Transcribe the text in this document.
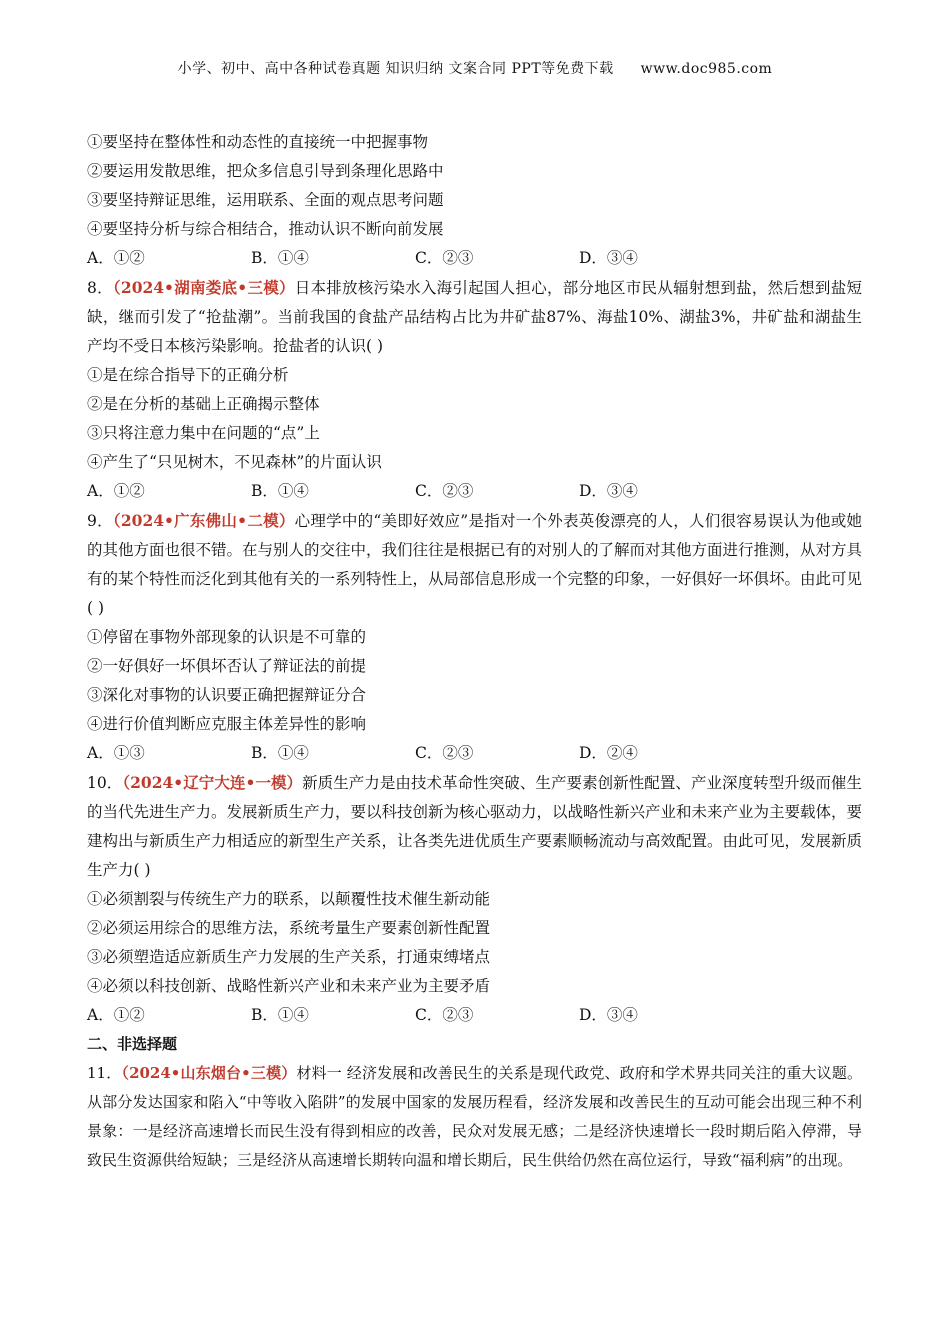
小学、初中、高中各种试卷真题 知识归纳 文案合同 PPT等免费下载 www.doc985.com
①要坚持在整体性和动态性的直接统一中把握事物
②要运用发散思维，把众多信息引导到条理化思路中
③要坚持辩证思维，运用联系、全面的观点思考问题
④要坚持分析与综合相结合，推动认识不断向前发展
A．①②	B．①④	C．②③	D．③④
8．（2024•湖南娄底•三模）日本排放核污染水入海引起国人担心，部分地区市民从辐射想到盐，然后想到盐短缺，继而引发了“抢盐潮”。当前我国的食盐产品结构占比为井矿盐87%、海盐10%、湖盐3%，井矿盐和湖盐生产均不受日本核污染影响。抢盐者的认识( )
①是在综合指导下的正确分析
②是在分析的基础上正确揭示整体
③只将注意力集中在问题的“点”上
④产生了“只见树木，不见森林”的片面认识
A．①②	B．①④	C．②③	D．③④
9．（2024•广东佛山•二模）心理学中的“美即好效应”是指对一个外表英俊漂亮的人，人们很容易误认为他或她的其他方面也很不错。在与别人的交往中，我们往往是根据已有的对别人的了解而对其他方面进行推测，从对方具有的某个特性而泛化到其他有关的一系列特性上，从局部信息形成一个完整的印象，一好俱好一坏俱坏。由此可见( )
①停留在事物外部现象的认识是不可靠的
②一好俱好一坏俱坏否认了辩证法的前提
③深化对事物的认识要正确把握辩证分合
④进行价值判断应克服主体差异性的影响
A．①③	B．①④	C．②③	D．②④
10．（2024•辽宁大连•一模）新质生产力是由技术革命性突破、生产要素创新性配置、产业深度转型升级而催生的当代先进生产力。发展新质生产力，要以科技创新为核心驱动力，以战略性新兴产业和未来产业为主要载体，要建构出与新质生产力相适应的新型生产关系，让各类先进优质生产要素顺畅流动与高效配置。由此可见，发展新质生产力( )
①必须割裂与传统生产力的联系，以颠覆性技术催生新动能
②必须运用综合的思维方法，系统考量生产要素创新性配置
③必须塑造适应新质生产力发展的生产关系，打通束缚堵点
④必须以科技创新、战略性新兴产业和未来产业为主要矛盾
A．①②	B．①④	C．②③	D．③④
二、非选择题
11．（2024•山东烟台•三模）材料一 经济发展和改善民生的关系是现代政党、政府和学术界共同关注的重大议题。从部分发达国家和陷入“中等收入陷阱”的发展中国家的发展历程看，经济发展和改善民生的互动可能会出现三种不利景象：一是经济高速增长而民生没有得到相应的改善，民众对发展无感；二是经济快速增长一段时期后陷入停滞，导致民生资源供给短缺；三是经济从高速增长期转向温和增长期后，民生供给仍然在高位运行，导致“福利病”的出现。
